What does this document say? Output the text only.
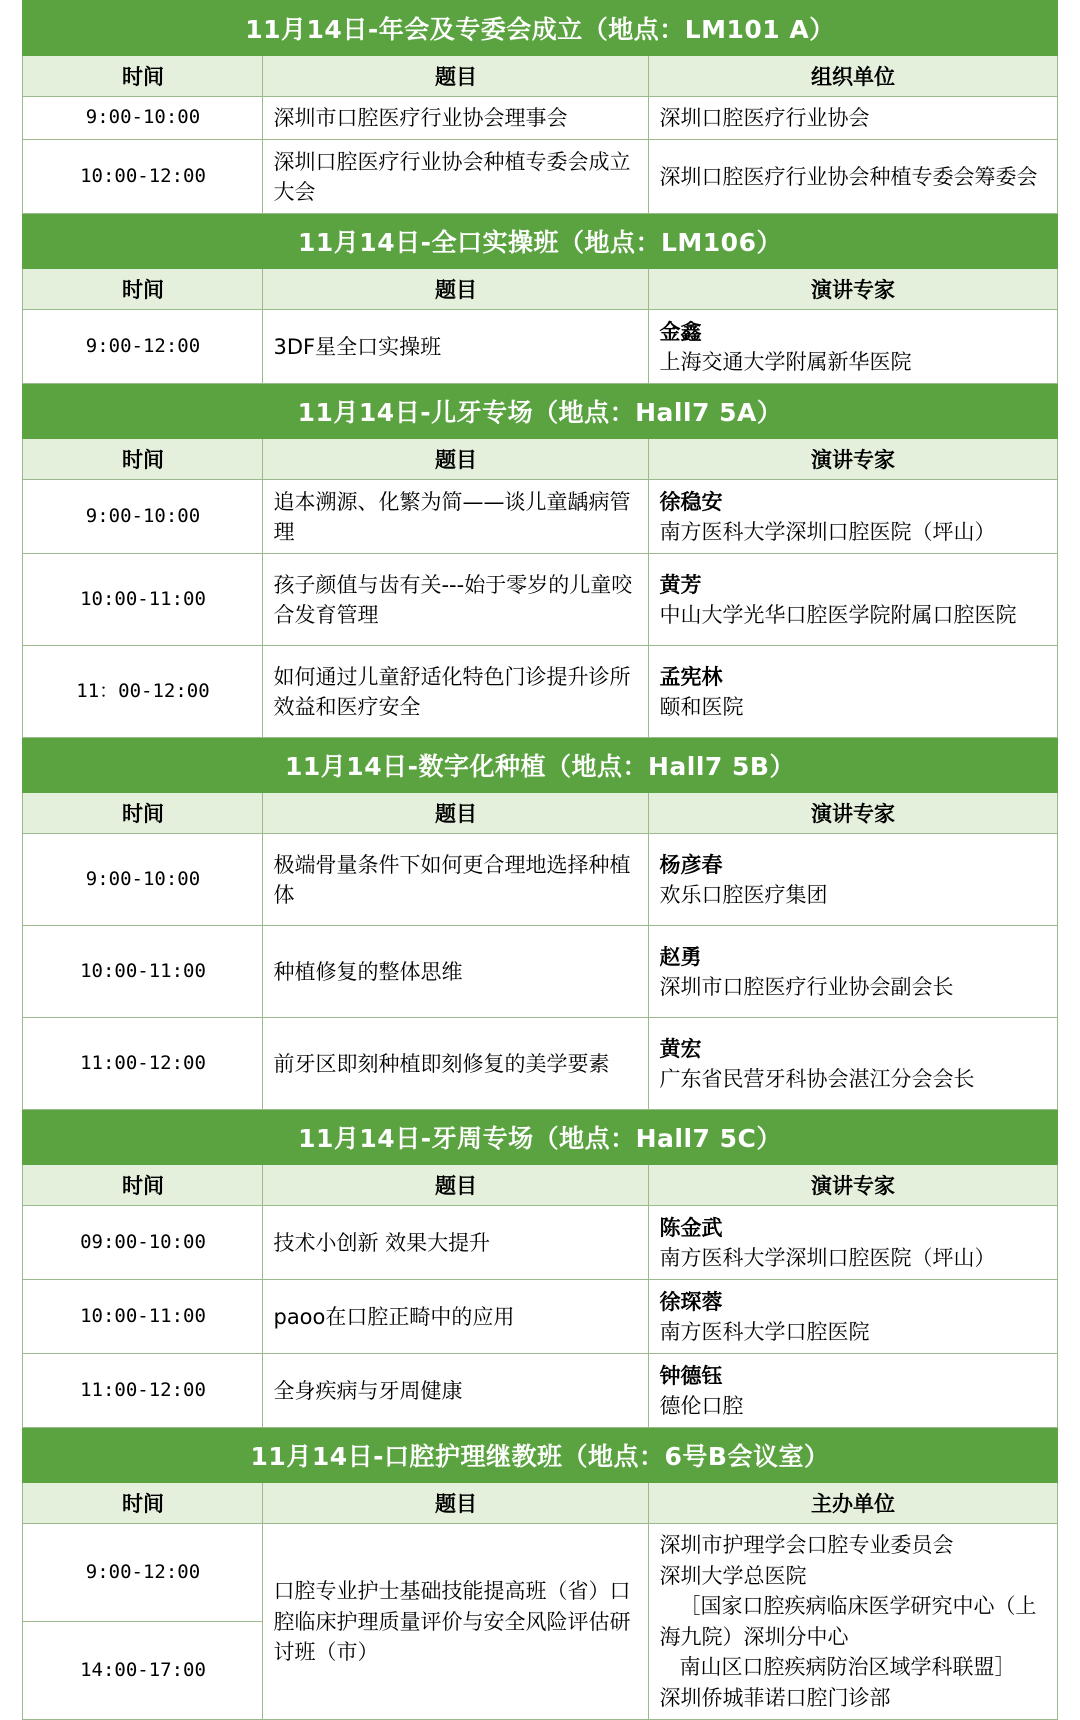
11月14日-年会及专委会成立（地点：LM101 A）		
时间	题目	组织单位
9:00-10:00	深圳市口腔医疗行业协会理事会	深圳口腔医疗行业协会
10:00-12:00	深圳口腔医疗行业协会种植专委会成立大会	深圳口腔医疗行业协会种植专委会筹委会
11月14日-全口实操班（地点：LM106）		
时间	题目	演讲专家
9:00-12:00	3DF星全口实操班	金鑫
上海交通大学附属新华医院

11月14日-儿牙专场（地点：Hall7 5A）		
时间	题目	演讲专家
9:00-10:00	追本溯源、化繁为简——谈儿童龋病管理	徐稳安
南方医科大学深圳口腔医院（坪山）

10:00-11:00	孩子颜值与齿有关---始于零岁的儿童咬合发育管理	黄芳
中山大学光华口腔医学院附属口腔医院

11：00-12:00	如何通过儿童舒适化特色门诊提升诊所效益和医疗安全	孟宪林
颐和医院

11月14日-数字化种植（地点：Hall7 5B）		
时间	题目	演讲专家
9:00-10:00	极端骨量条件下如何更合理地选择种植体	杨彦春
欢乐口腔医疗集团

10:00-11:00	种植修复的整体思维	赵勇
深圳市口腔医疗行业协会副会长

11:00-12:00	前牙区即刻种植即刻修复的美学要素	黄宏
广东省民营牙科协会湛江分会会长

11月14日-牙周专场（地点：Hall7 5C）		
时间	题目	演讲专家
09:00-10:00	技术小创新 效果大提升	陈金武
南方医科大学深圳口腔医院（坪山）

10:00-11:00	paoo在口腔正畸中的应用	徐琛蓉
南方医科大学口腔医院

11:00-12:00	全身疾病与牙周健康	钟德钰
德伦口腔

11月14日-口腔护理继教班（地点：6号B会议室）		
时间	题目	主办单位
9:00-12:00	口腔专业护士基础技能提高班（省）口腔临床护理质量评价与安全风险评估研讨班（市）	深圳市护理学会口腔专业委员会
深圳大学总医院
［国家口腔疾病临床医学研究中心（上海九院）深圳分中心
南山区口腔疾病防治区域学科联盟］
深圳侨城菲诺口腔门诊部

14:00-17:00		
